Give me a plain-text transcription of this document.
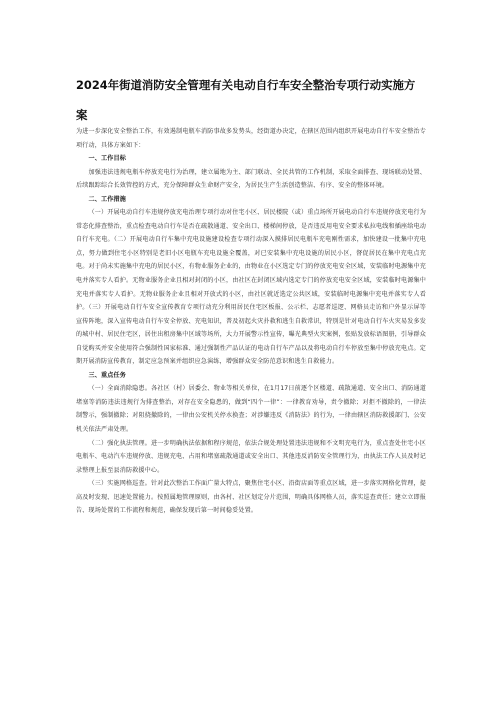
2024年街道消防安全管理有关电动自行车安全整治专项行动实施方案

为进一步深化安全整治工作，有效遏制电瓶车消防事故多发势头，经街道办决定，在辖区范围内组织开展电动自行车安全整治专项行动，具体方案如下：

一、工作目标

加强违法违规电瓶车停放充电行为治理，建立属地为主、部门联动、全民共管的工作机制，采取全面排查、现场联动处置、后续跟踪综合长效管控的方式，充分保障群众生命财产安全，为居民生产生活创造整洁、有序、安全的整体环境。

二、工作措施

（一）开展电动自行车违规停放充电治理专项行动对住宅小区、居民楼院（或）重点场所开展电动自行车违规停放充电行为常态化排查整治，重点检查电动自行车是否在疏散通道、安全出口、楼梯间停放，是否违反用电安全要求私拉电线和插座给电动自行车充电。（二）开展电动自行车集中充电设施建设检查专项行动深入摸排居民电瓶车充电刚性需求，加快建设一批集中充电点，努力做到住宅小区特别是老旧小区电瓶车充电设施全覆盖，对已安装集中充电设施的居民小区，督促居民在集中充电点充电。对于尚未实施集中充电的居民小区，有物业服务企业的，由物业在小区选定专门的停放充电安全区域，安装临时电源集中充电并落实专人看护。无物业服务企业且相对封闭的小区，由社区在封闭区域内选定专门的停放充电安全区域，安装临时电源集中充电并落实专人看护。无物业服务企业且相对开放式的小区，由社区就近选定公共区域，安装临时电源集中充电并落实专人看护。（三）开展电动自行车安全宣传教育专项行动充分利用居民住宅区板报、公示栏、志愿者巡逻、网格员走访和户外显示屏等宣传阵地，深入宣传电动自行车安全停放、充电知识，普及初起火灾扑救和逃生自救常识，特别是针对电动自行车火灾易发多发的城中村、居民住宅区，居住出租房集中区域等场所，大力开展警示性宣传，曝光典型火灾案例，张贴发放标语图册，引导群众自觉购买并安全使用符合强制性国家标准、通过强制性产品认证的电动自行车产品以及将电动自行车停放至集中停放充电点。定期开展消防宣传教育，制定应急预案并组织应急演练，增强群众安全防范意识和逃生自救能力。

三、重点任务

（一）全面消除隐患。各社区（村）居委会、物业等相关单位，在1月17日前逐个区楼道、疏散通道、安全出口、消防通道堵塞等消防违法违规行为排查整治，对存在安全隐患的，做到“四个一律”：一律教育劝导，责令撤除；对拒不撤除的，一律法制警示，强制撤除；对阻挠撤除的，一律由公安机关停水换查；对涉嫌违反《消防法》的行为，一律由辖区消防救援部门、公安机关依法严肃处理。

（二）强化执法管理。进一步明确执法依据和程序规范，依法合规处理处置违法违规和不文明充电行为，重点查处住宅小区电瓶车、电动汽车违规停放、违规充电、占用和堵塞疏散通道或安全出口、其他违反消防安全管理行为，由执法工作人员及时记录整理上报至县消防救援中心。

（三）实施网格巡查。针对此次整治工作面广量大特点，聚焦住宅小区、沿街店面等重点区域，进一步落实网格化管理，提高及时发现、迅速处置能力。按照属地管理原则，由各村、社区划定分片范围，明确具体网格人员，落实巡查责任；建立立即报告、现场处置的工作流程和规范，确保发现后第一时间稳妥处置。
